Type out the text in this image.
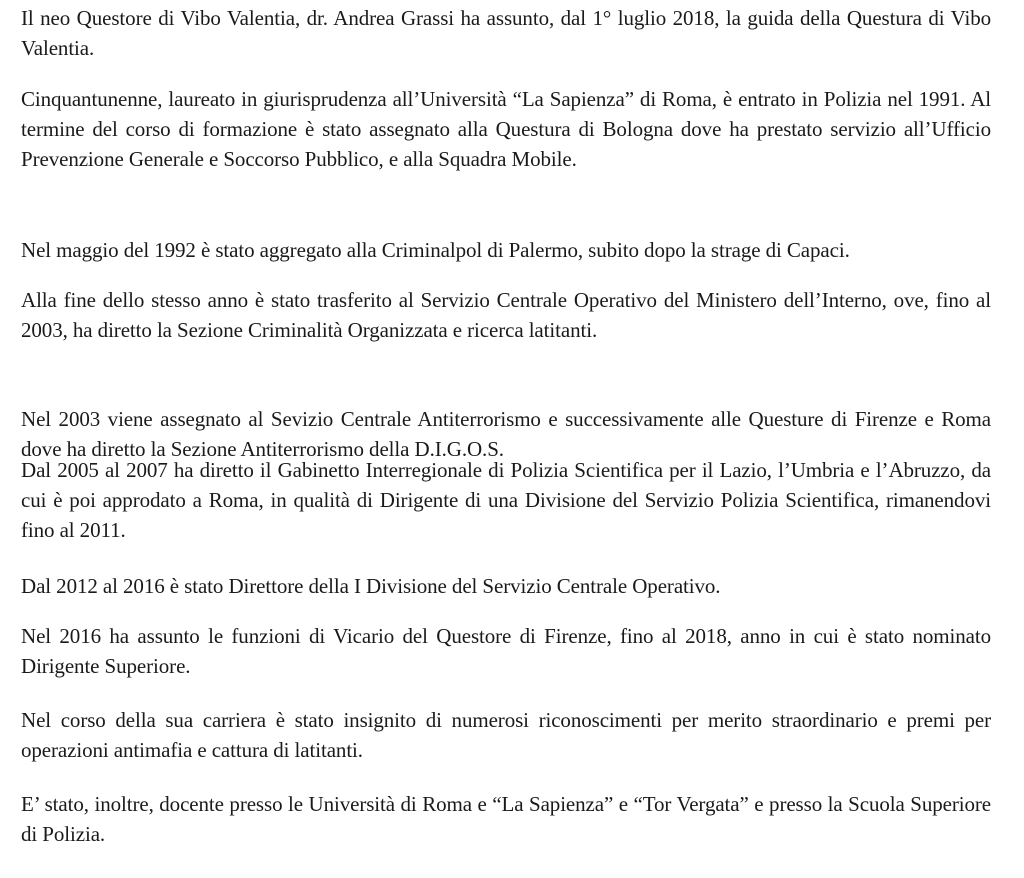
Il neo Questore di Vibo Valentia, dr. Andrea Grassi ha assunto, dal 1° luglio 2018, la guida della Questura di Vibo Valentia.

Cinquantunenne, laureato in giurisprudenza all’Università “La Sapienza” di Roma, è entrato in Polizia nel 1991. Al termine del corso di formazione è stato assegnato alla Questura di Bologna dove ha prestato servizio all’Ufficio Prevenzione Generale e Soccorso Pubblico, e alla Squadra Mobile.

Nel maggio del 1992 è stato aggregato alla Criminalpol di Palermo, subito dopo la strage di Capaci.

Alla fine dello stesso anno è stato trasferito al Servizio Centrale Operativo del Ministero dell’Interno, ove, fino al 2003, ha diretto la Sezione Criminalità Organizzata e ricerca latitanti.

Nel 2003 viene assegnato al Sevizio Centrale Antiterrorismo e successivamente alle Questure di Firenze e Roma dove ha diretto la Sezione Antiterrorismo della D.I.G.O.S.

Dal 2005 al 2007 ha diretto il Gabinetto Interregionale di Polizia Scientifica per il Lazio, l’Umbria e l’Abruzzo, da cui è poi approdato a Roma, in qualità di Dirigente di una Divisione del Servizio Polizia Scientifica, rimanendovi fino al 2011.

Dal 2012 al 2016 è stato Direttore della I Divisione del Servizio Centrale Operativo.

Nel 2016 ha assunto le funzioni di Vicario del Questore di Firenze, fino al 2018, anno in cui è stato nominato Dirigente Superiore.

Nel corso della sua carriera è stato insignito di numerosi riconoscimenti per merito straordinario e premi per operazioni antimafia e cattura di latitanti.

E’ stato, inoltre, docente presso le Università di Roma e “La Sapienza” e “Tor Vergata” e presso la Scuola Superiore di Polizia.
